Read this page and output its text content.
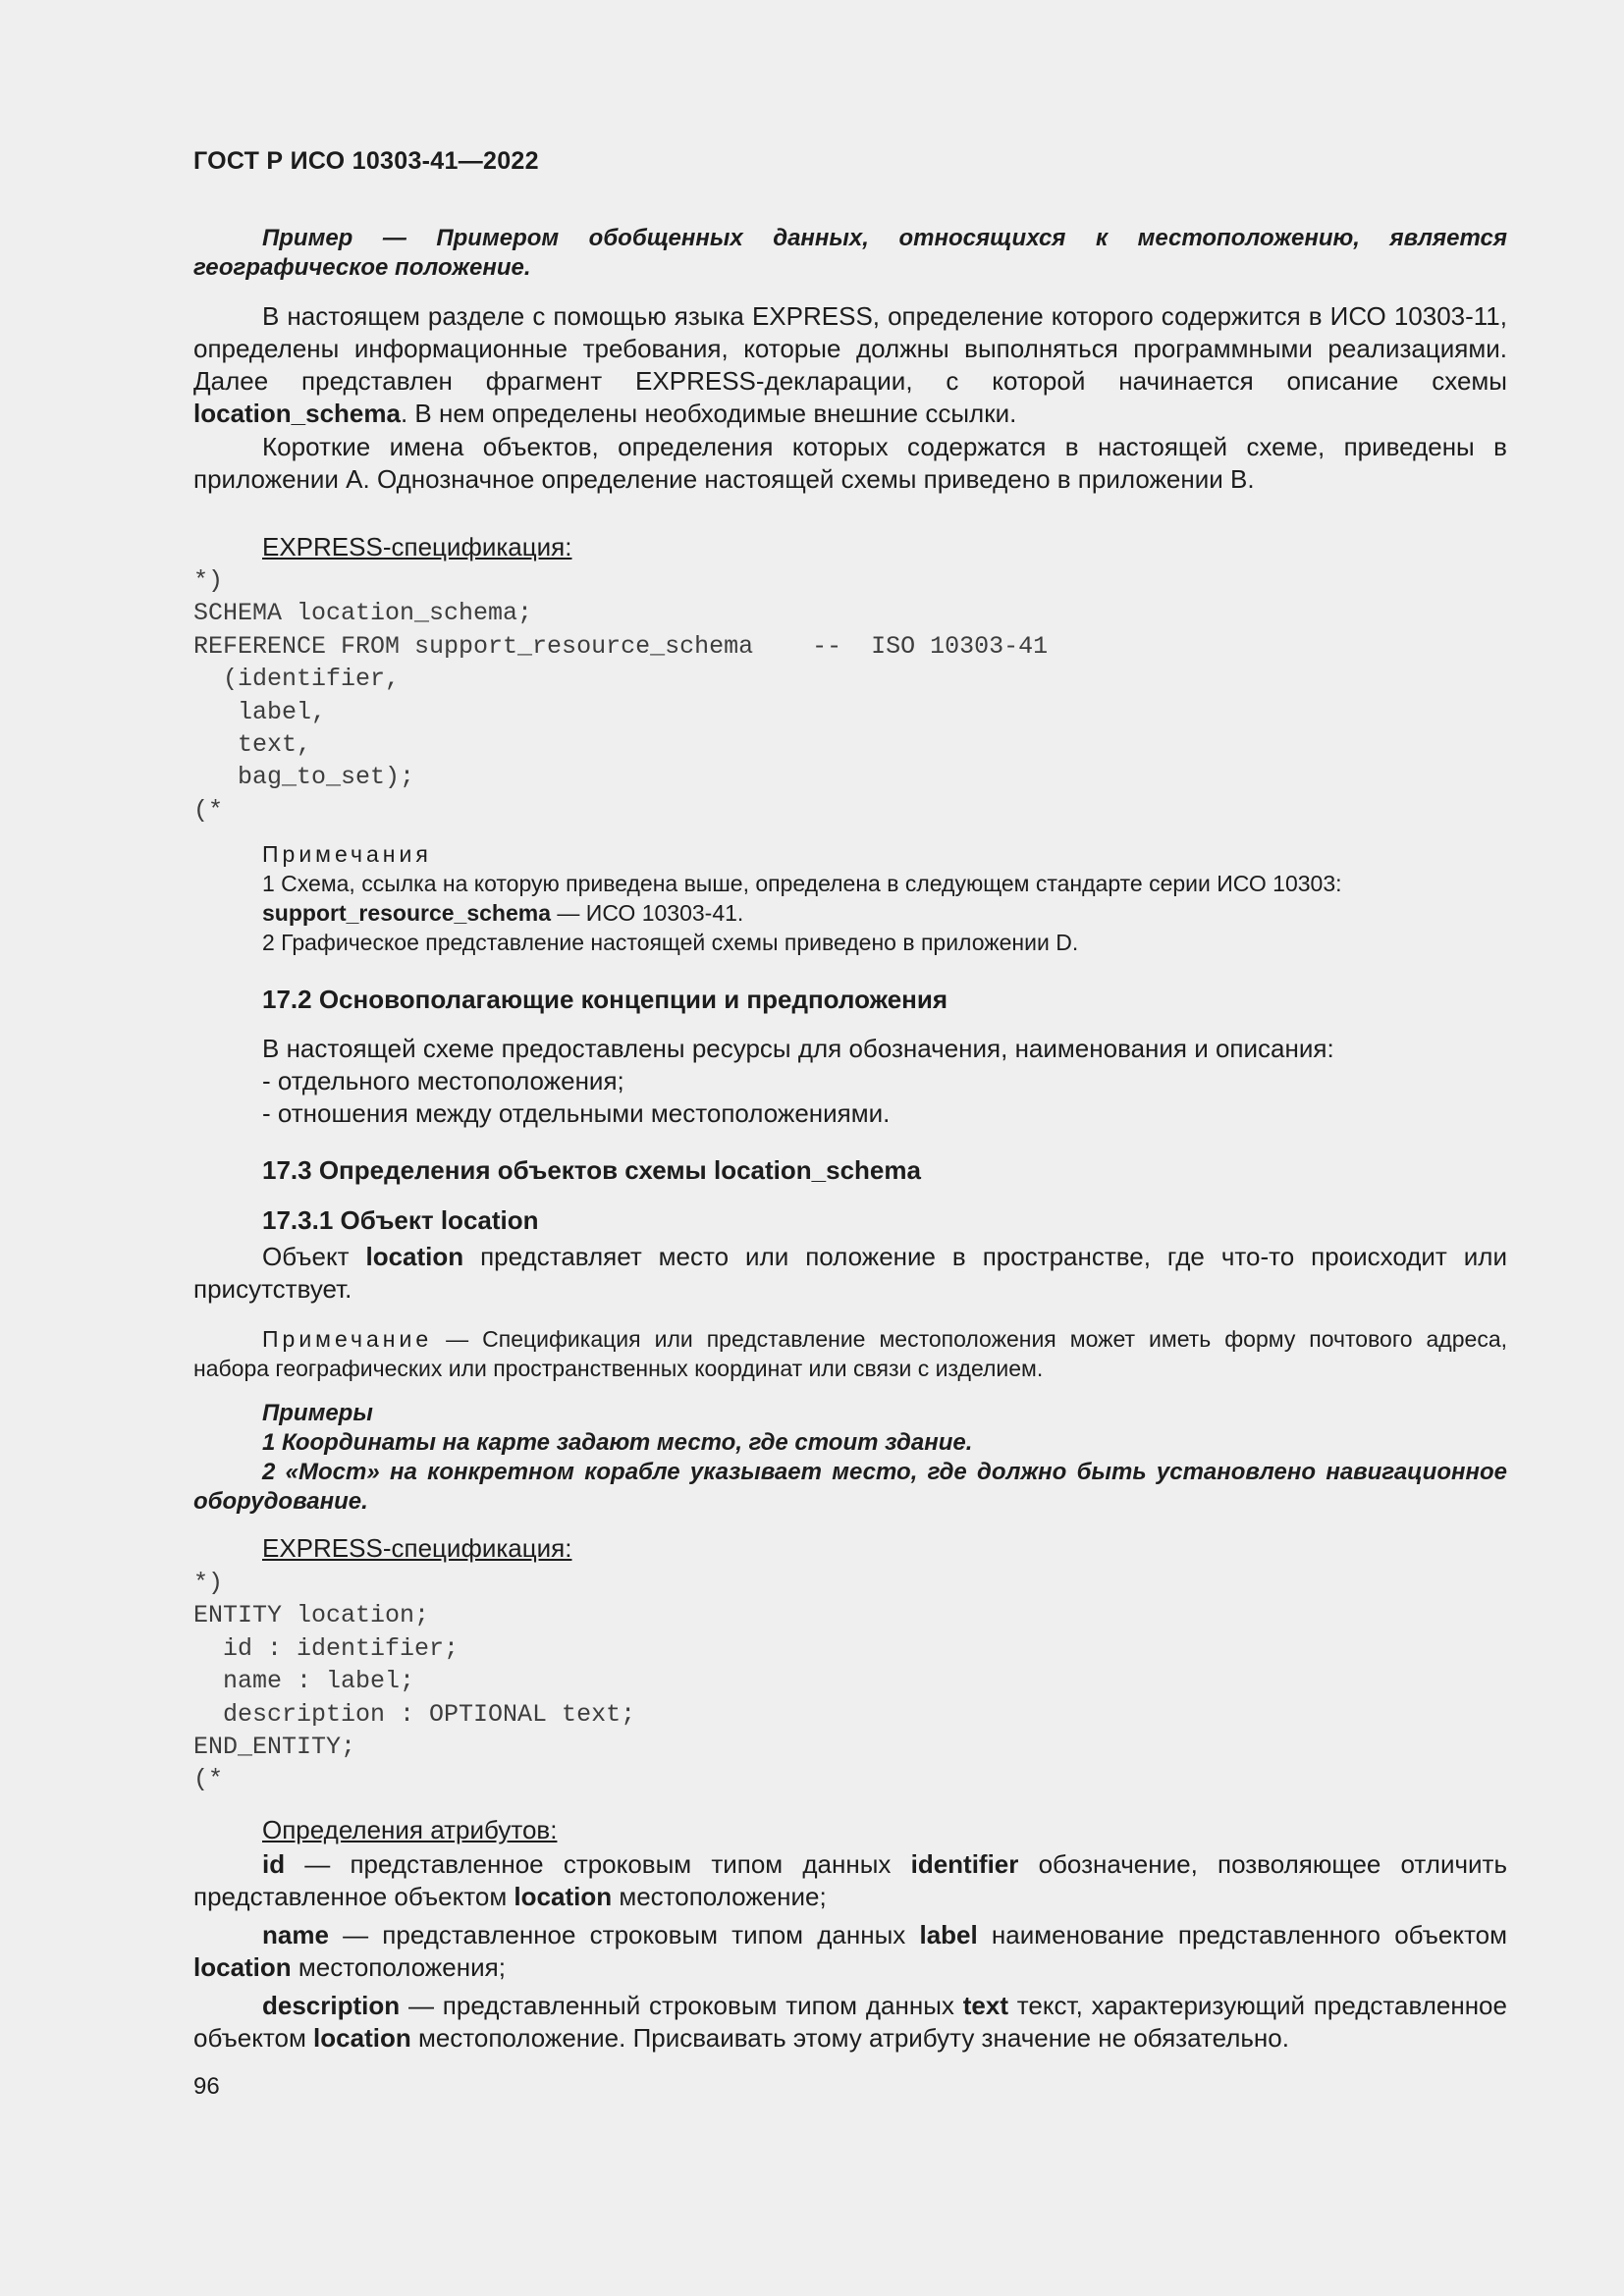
ГОСТ Р ИСО 10303-41—2022
Пример — Примером обобщенных данных, относящихся к местоположению, является географическое положение.
В настоящем разделе с помощью языка EXPRESS, определение которого содержится в ИСО 10303-11, определены информационные требования, которые должны выполняться программными реализациями. Далее представлен фрагмент EXPRESS-декларации, с которой начинается описание схемы location_schema. В нем определены необходимые внешние ссылки.
Короткие имена объектов, определения которых содержатся в настоящей схеме, приведены в приложении A. Однозначное определение настоящей схемы приведено в приложении B.
EXPRESS-спецификация:
*)
SCHEMA location_schema;
REFERENCE FROM support_resource_schema    --  ISO 10303-41
(identifier,
label,
text,
bag_to_set);
(*
Примечания
1 Схема, ссылка на которую приведена выше, определена в следующем стандарте серии ИСО 10303:
support_resource_schema — ИСО 10303-41.
2 Графическое представление настоящей схемы приведено в приложении D.
17.2 Основополагающие концепции и предположения
В настоящей схеме предоставлены ресурсы для обозначения, наименования и описания:
- отдельного местоположения;
- отношения между отдельными местоположениями.
17.3 Определения объектов схемы location_schema
17.3.1 Объект location
Объект location представляет место или положение в пространстве, где что-то происходит или присутствует.
Примечание — Спецификация или представление местоположения может иметь форму почтового адреса, набора географических или пространственных координат или связи с изделием.
Примеры
1 Координаты на карте задают место, где стоит здание.
2 «Мост» на конкретном корабле указывает место, где должно быть установлено навигационное оборудование.
EXPRESS-спецификация:
*)
ENTITY location;
id : identifier;
name : label;
description : OPTIONAL text;
END_ENTITY;
(*
Определения атрибутов:
id — представленное строковым типом данных identifier обозначение, позволяющее отличить представленное объектом location местоположение;
name — представленное строковым типом данных label наименование представленного объектом location местоположения;
description — представленный строковым типом данных text текст, характеризующий представленное объектом location местоположение. Присваивать этому атрибуту значение не обязательно.
96
